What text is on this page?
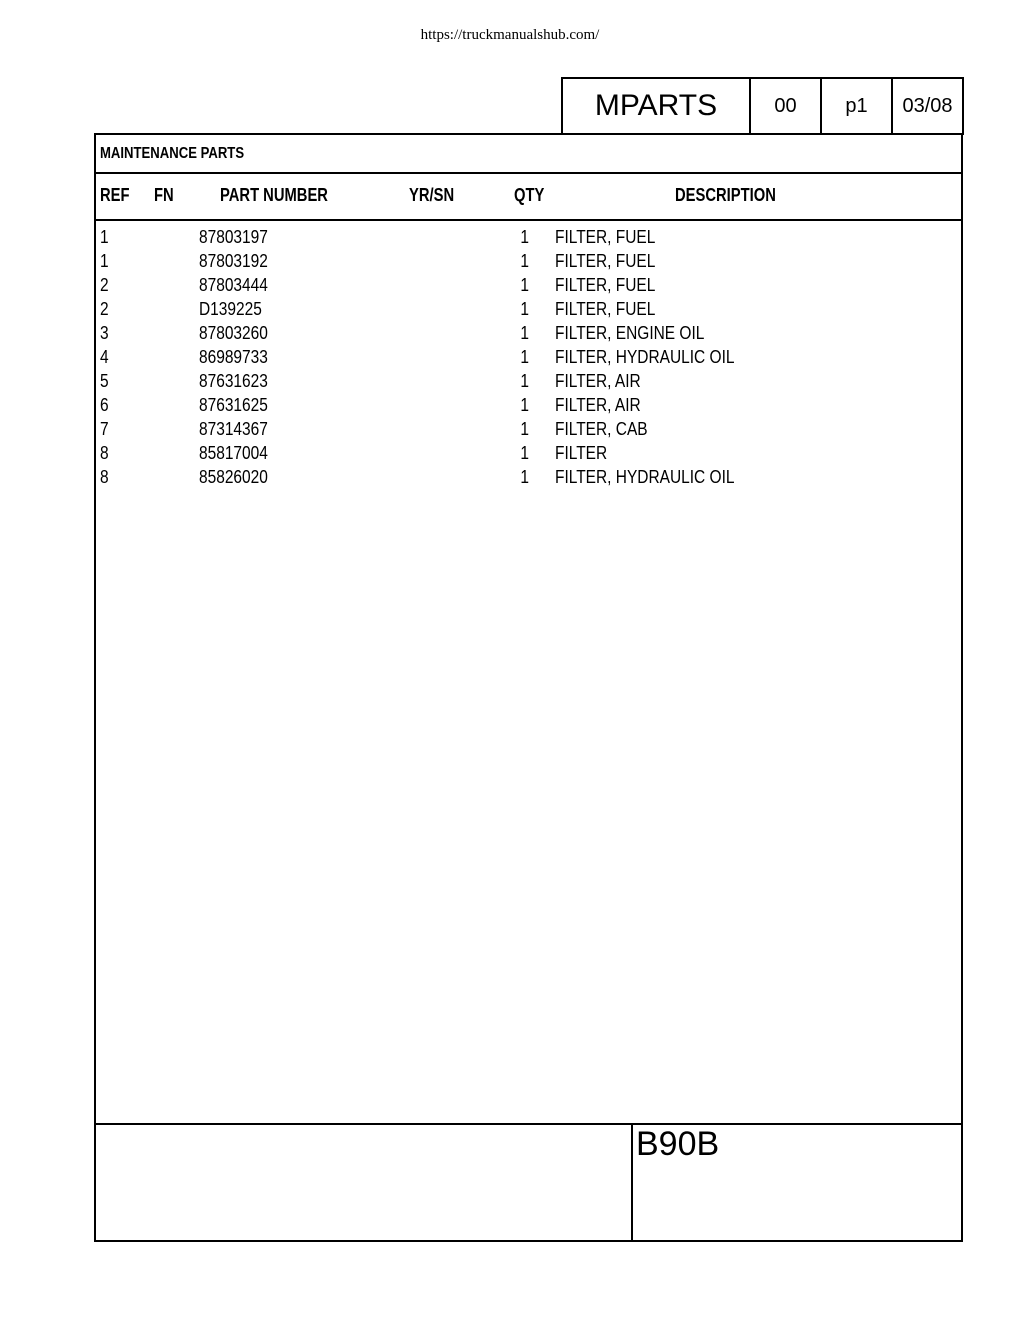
https://truckmanualshub.com/
MPARTS	00	p1	03/08
MAINTENANCE PARTS
REF FN	PART NUMBER	YR/SN	QTY	DESCRIPTION
1	87803197	1 FILTER, FUEL
1	87803192	1 FILTER, FUEL
2	87803444	1 FILTER, FUEL
2	D139225	1 FILTER, FUEL
3	87803260	1 FILTER, ENGINE OIL
4	86989733	1 FILTER, HYDRAULIC OIL
5	87631623	1 FILTER, AIR
6	87631625	1 FILTER, AIR
7	87314367	1 FILTER, CAB
8	85817004	1 FILTER
8	85826020	1 FILTER, HYDRAULIC OIL
B90B
